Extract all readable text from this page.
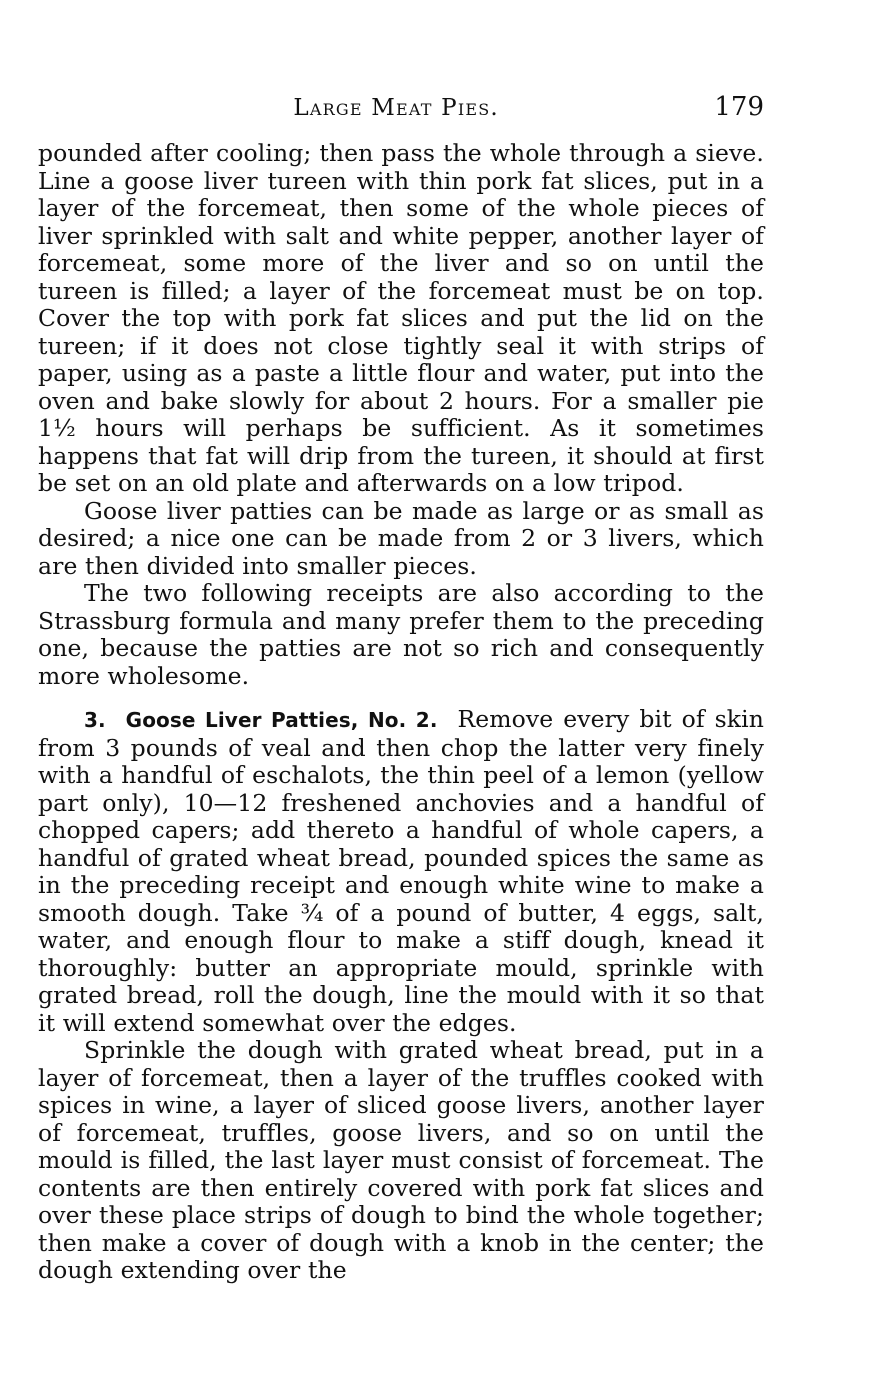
Large Meat Pies.	179

pounded after cooling; then pass the whole through a sieve. Line a goose liver tureen with thin pork fat slices, put in a layer of the forcemeat, then some of the whole pieces of liver sprinkled with salt and white pepper, another layer of forcemeat, some more of the liver and so on until the tureen is filled; a layer of the forcemeat must be on top. Cover the top with pork fat slices and put the lid on the tureen; if it does not close tightly seal it with strips of paper, using as a paste a little flour and water, put into the oven and bake slowly for about 2 hours. For a smaller pie 1½ hours will perhaps be sufficient. As it sometimes happens that fat will drip from the tureen, it should at first be set on an old plate and afterwards on a low tripod.

Goose liver patties can be made as large or as small as desired; a nice one can be made from 2 or 3 livers, which are then divided into smaller pieces.

The two following receipts are also according to the Strassburg formula and many prefer them to the preceding one, because the patties are not so rich and consequently more wholesome.

3. Goose Liver Patties, No. 2. Remove every bit of skin from 3 pounds of veal and then chop the latter very finely with a handful of eschalots, the thin peel of a lemon (yellow part only), 10—12 freshened anchovies and a handful of chopped capers; add thereto a handful of whole capers, a handful of grated wheat bread, pounded spices the same as in the preceding receipt and enough white wine to make a smooth dough. Take ¾ of a pound of butter, 4 eggs, salt, water, and enough flour to make a stiff dough, knead it thoroughly: butter an appropriate mould, sprinkle with grated bread, roll the dough, line the mould with it so that it will extend somewhat over the edges.

Sprinkle the dough with grated wheat bread, put in a layer of forcemeat, then a layer of the truffles cooked with spices in wine, a layer of sliced goose livers, another layer of forcemeat, truffles, goose livers, and so on until the mould is filled, the last layer must consist of forcemeat. The contents are then entirely covered with pork fat slices and over these place strips of dough to bind the whole together; then make a cover of dough with a knob in the center; the dough extending over the
